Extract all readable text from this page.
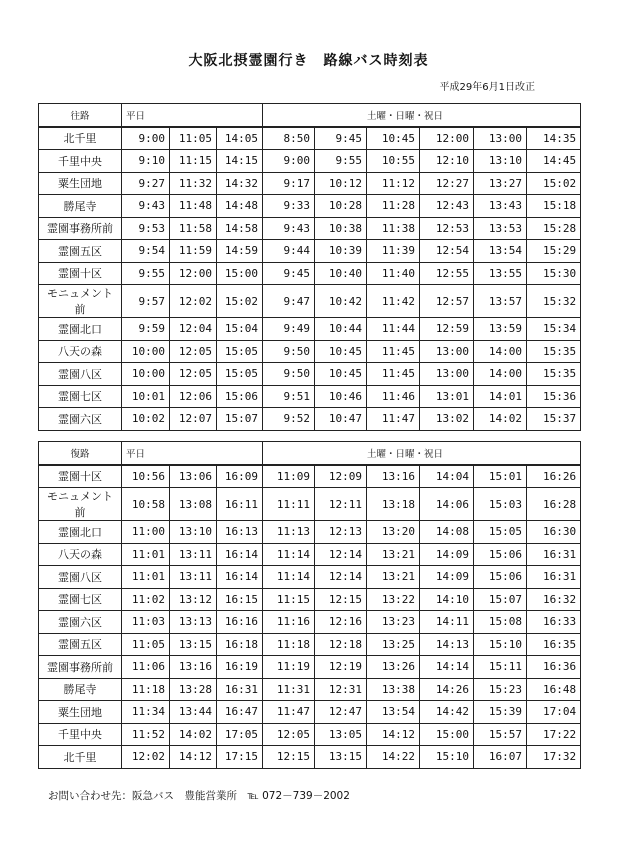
大阪北摂霊園行き　路線バス時刻表
平成29年6月1日改正
往路	平日			土曜・日曜・祝日					
北千里	9:00	11:05	14:05	8:50	9:45	10:45	12:00	13:00	14:35
千里中央	9:10	11:15	14:15	9:00	9:55	10:55	12:10	13:10	14:45
粟生団地	9:27	11:32	14:32	9:17	10:12	11:12	12:27	13:27	15:02
勝尾寺	9:43	11:48	14:48	9:33	10:28	11:28	12:43	13:43	15:18
霊園事務所前	9:53	11:58	14:58	9:43	10:38	11:38	12:53	13:53	15:28
霊園五区	9:54	11:59	14:59	9:44	10:39	11:39	12:54	13:54	15:29
霊園十区	9:55	12:00	15:00	9:45	10:40	11:40	12:55	13:55	15:30
モニュメント前	9:57	12:02	15:02	9:47	10:42	11:42	12:57	13:57	15:32
霊園北口	9:59	12:04	15:04	9:49	10:44	11:44	12:59	13:59	15:34
八天の森	10:00	12:05	15:05	9:50	10:45	11:45	13:00	14:00	15:35
霊園八区	10:00	12:05	15:05	9:50	10:45	11:45	13:00	14:00	15:35
霊園七区	10:01	12:06	15:06	9:51	10:46	11:46	13:01	14:01	15:36
霊園六区	10:02	12:07	15:07	9:52	10:47	11:47	13:02	14:02	15:37
復路	平日			土曜・日曜・祝日					
霊園十区	10:56	13:06	16:09	11:09	12:09	13:16	14:04	15:01	16:26
モニュメント前	10:58	13:08	16:11	11:11	12:11	13:18	14:06	15:03	16:28
霊園北口	11:00	13:10	16:13	11:13	12:13	13:20	14:08	15:05	16:30
八天の森	11:01	13:11	16:14	11:14	12:14	13:21	14:09	15:06	16:31
霊園八区	11:01	13:11	16:14	11:14	12:14	13:21	14:09	15:06	16:31
霊園七区	11:02	13:12	16:15	11:15	12:15	13:22	14:10	15:07	16:32
霊園六区	11:03	13:13	16:16	11:16	12:16	13:23	14:11	15:08	16:33
霊園五区	11:05	13:15	16:18	11:18	12:18	13:25	14:13	15:10	16:35
霊園事務所前	11:06	13:16	16:19	11:19	12:19	13:26	14:14	15:11	16:36
勝尾寺	11:18	13:28	16:31	11:31	12:31	13:38	14:26	15:23	16:48
粟生団地	11:34	13:44	16:47	11:47	12:47	13:54	14:42	15:39	17:04
千里中央	11:52	14:02	17:05	12:05	13:05	14:12	15:00	15:57	17:22
北千里	12:02	14:12	17:15	12:15	13:15	14:22	15:10	16:07	17:32
お問い合わせ先：阪急バス　豊能営業所　℡ 072－739－2002
